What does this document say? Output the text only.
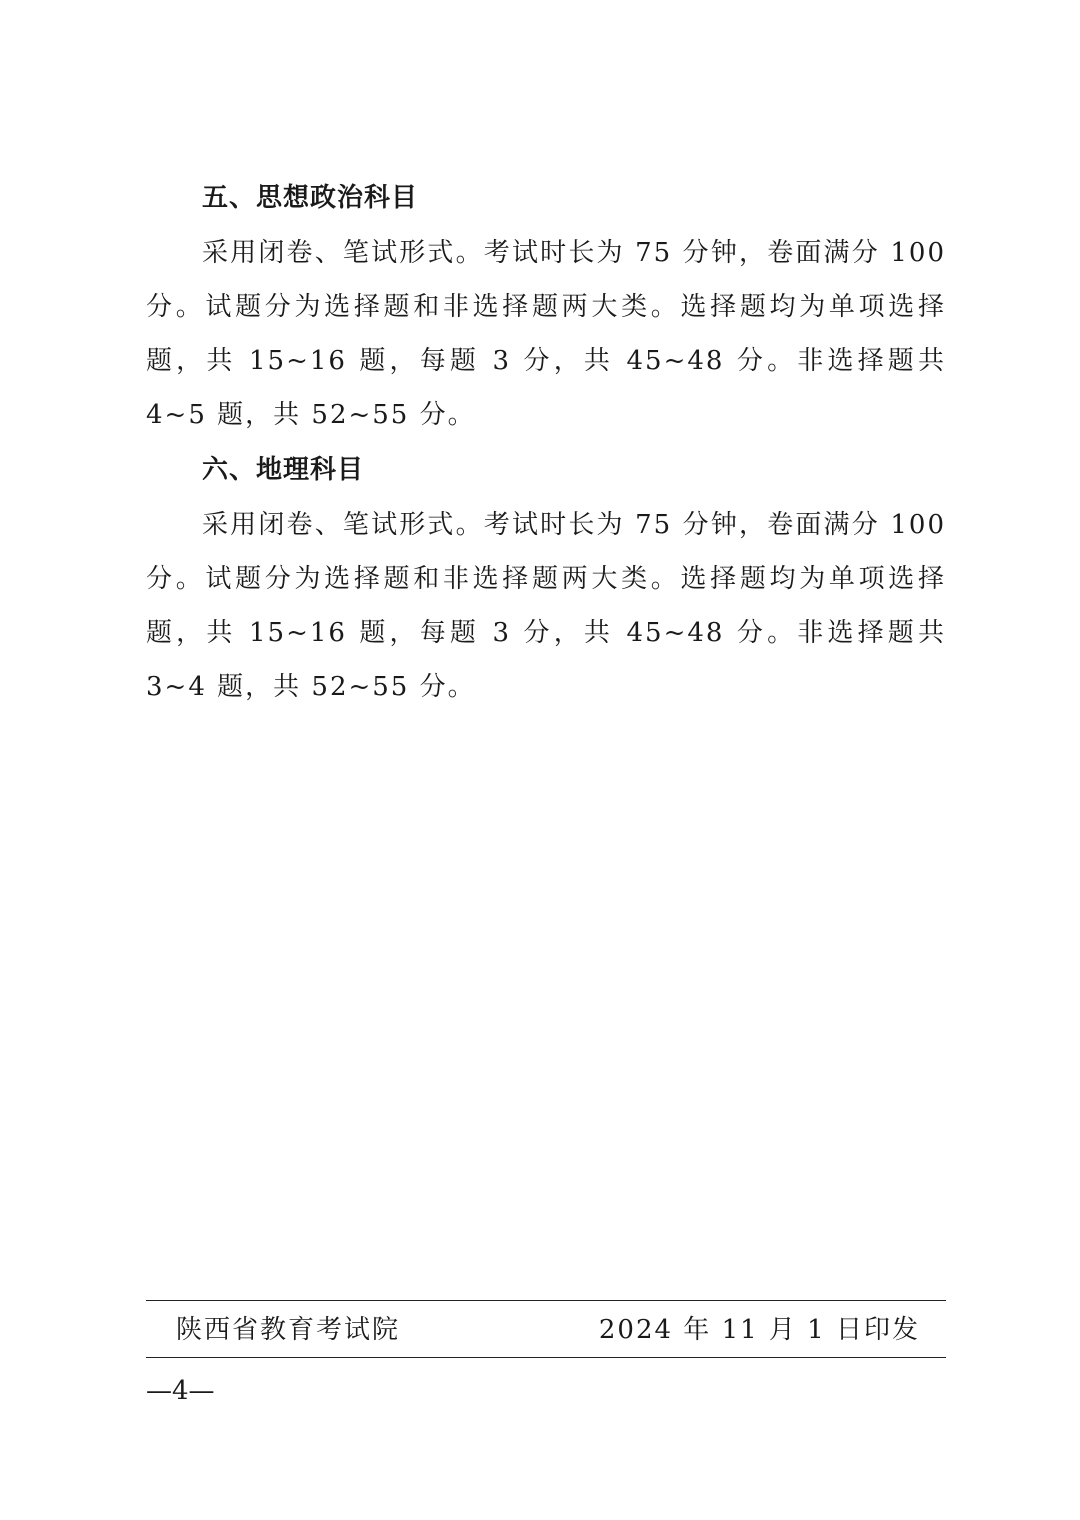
五、思想政治科目

采用闭卷、笔试形式。考试时长为 75 分钟，卷面满分 100 分。试题分为选择题和非选择题两大类。选择题均为单项选择题，共 15~16 题，每题 3 分，共 45~48 分。非选择题共 4~5 题，共 52~55 分。

六、地理科目

采用闭卷、笔试形式。考试时长为 75 分钟，卷面满分 100 分。试题分为选择题和非选择题两大类。选择题均为单项选择题，共 15~16 题，每题 3 分，共 45~48 分。非选择题共 3~4 题，共 52~55 分。

陕西省教育考试院	2024 年 11 月 1 日印发
—4—
